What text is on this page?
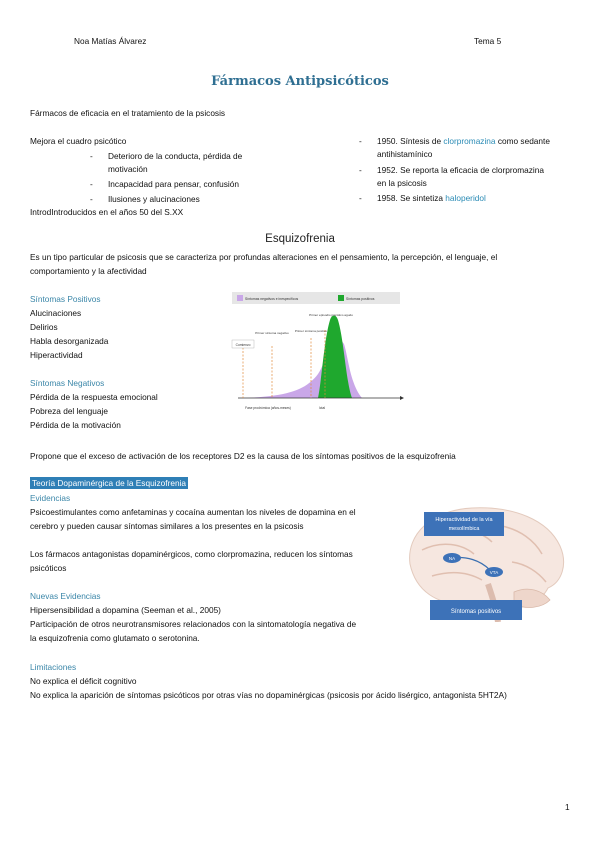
Noa Matías Álvarez	Tema 5
Fármacos Antipsicóticos
Fármacos de eficacia en el tratamiento de la psicosis
Mejora el cuadro psicótico
- Deterioro de la conducta, pérdida de
motivación
- Incapacidad para pensar, confusión
- Ilusiones y alucinaciones
IntrodIntroducidos en el años 50 del S.XX
- 1950. Síntesis de clorpromazina como sedante
antihistamínico
- 1952. Se reporta la eficacia de clorpromazina
en la psicosis
- 1958. Se sintetiza haloperidol
Esquizofrenia
Es un tipo particular de psicosis que se caracteriza por profundas alteraciones en el pensamiento, la percepción, el lenguaje, el
comportamiento y la afectividad
Síntomas Positivos
Alucinaciones
Delirios
Habla desorganizada
Hiperactividad
Síntomas Negativos
Pérdida de la respuesta emocional
Pobreza del lenguaje
Pérdida de la motivación
Síntomas negativos e inespecíficos	Síntomas positivos
Comienzo
Primer síntoma negativo Primer síntoma positivo
Primer episodio psicótico agudo
Fase prodrómica (años-meses)	Ictal
Propone que el exceso de activación de los receptores D2 es la causa de los síntomas positivos de la esquizofrenia
Teoría Dopaminérgica de la Esquizofrenia
Evidencias
Psicoestimulantes como anfetaminas y cocaína aumentan los niveles de dopamina en el
cerebro y pueden causar síntomas similares a los presentes en la psicosis
Los fármacos antagonistas dopaminérgicos, como clorpromazina, reducen los síntomas
psicóticos
Nuevas Evidencias
Hipersensibilidad a dopamina (Seeman et al., 2005)
Participación de otros neurotransmisores relacionados con la sintomatología negativa de
la esquizofrenia como glutamato o serotonina.
Limitaciones
No explica el déficit cognitivo
No explica la aparición de síntomas psicóticos por otras vías no dopaminérgicas (psicosis por ácido lisérgico, antagonista 5HT2A)
Hiperactividad de la vía
mesolímbica
NA
VTA
Síntomas positivos
1
